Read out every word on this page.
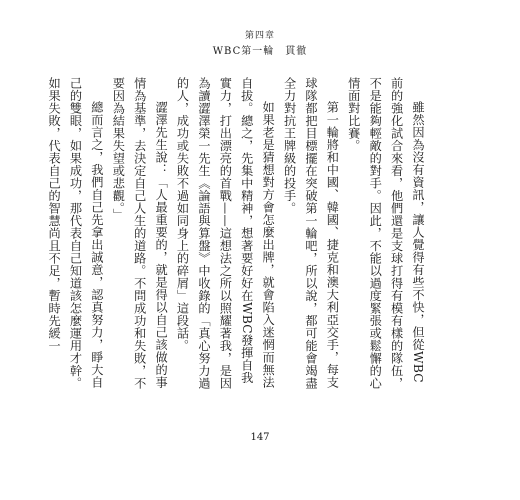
第四章
WBC第一輪　貫徹

雖然因為沒有資訊，讓人覺得有些不快，但從WBC前的強化試合來看，他們還是支球打得有模有樣的隊伍，不是能夠輕敵的對手。因此，不能以過度緊張或鬆懈的心情面對比賽。

第一輪將和中國、韓國、捷克和澳大利亞交手，每支球隊都把目標擺在突破第一輪吧，所以說，都可能會竭盡全力對抗王牌級的投手。

如果老是猜想對方會怎麼出牌，就會陷入迷惘而無法自拔。總之，先集中精神，想著要好好在WBC發揮自我實力，打出漂亮的首戰——這想法之所以照耀著我，是因為讀澀澤榮一先生《論語與算盤》中收錄的「真心努力過的人，成功或失敗不過如同身上的碎屑」這段話。

澀澤先生說：「人最重要的，就是得以自己該做的事情為基準，去決定自己人生的道路。不問成功和失敗，不要因為結果失望或悲觀。」

總而言之，我們自己先拿出誠意，認真努力，睜大自己的雙眼，如果成功，那代表自己知道該怎麼運用才幹。如果失敗，代表自己的智慧尚且不足，暫時先緩一

147
